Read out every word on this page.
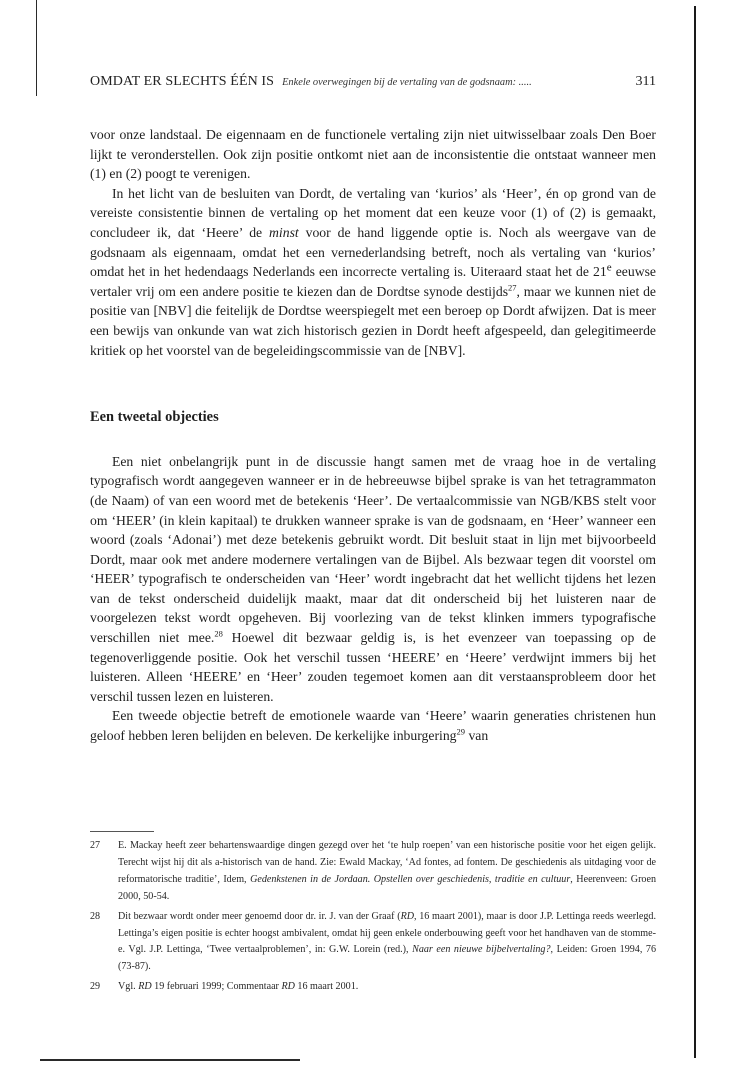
OMDAT ER SLECHTS ÉÉN IS Enkele overwegingen bij de vertaling van de godsnaam: .....	311

voor onze landstaal. De eigennaam en de functionele vertaling zijn niet uitwisselbaar zoals Den Boer lijkt te veronderstellen. Ook zijn positie ontkomt niet aan de inconsistentie die ontstaat wanneer men (1) en (2) poogt te verenigen.

In het licht van de besluiten van Dordt, de vertaling van ‘kurios’ als ‘Heer’, én op grond van de vereiste consistentie binnen de vertaling op het moment dat een keuze voor (1) of (2) is gemaakt, concludeer ik, dat ‘Heere’ de minst voor de hand liggende optie is. Noch als weergave van de godsnaam als eigennaam, omdat het een vernederlandsing betreft, noch als vertaling van ‘kurios’ omdat het in het hedendaags Nederlands een incorrecte vertaling is. Uiteraard staat het de 21e eeuwse vertaler vrij om een andere positie te kiezen dan de Dordtse synode destijds$^{27}$, maar we kunnen niet de positie van [NBV] die feitelijk de Dordtse weerspiegelt met een beroep op Dordt afwijzen. Dat is meer een bewijs van onkunde van wat zich historisch gezien in Dordt heeft afgespeeld, dan gelegitimeerde kritiek op het voorstel van de begeleidingscommissie van de [NBV].

Een tweetal objecties

Een niet onbelangrijk punt in de discussie hangt samen met de vraag hoe in de vertaling typografisch wordt aangegeven wanneer er in de hebreeuwse bijbel sprake is van het tetragrammaton (de Naam) of van een woord met de betekenis ‘Heer’. De vertaalcommissie van NGB/KBS stelt voor om ‘HEER’ (in klein kapitaal) te drukken wanneer sprake is van de godsnaam, en ‘Heer’ wanneer een woord (zoals ‘Adonai’) met deze betekenis gebruikt wordt. Dit besluit staat in lijn met bijvoorbeeld Dordt, maar ook met andere modernere vertalingen van de Bijbel. Als bezwaar tegen dit voorstel om ‘HEER’ typografisch te onderscheiden van ‘Heer’ wordt ingebracht dat het wellicht tijdens het lezen van de tekst onderscheid duidelijk maakt, maar dat dit onderscheid bij het luisteren naar de voorgelezen tekst wordt opgeheven. Bij voorlezing van de tekst klinken immers typografische verschillen niet mee.$^{28}$ Hoewel dit bezwaar geldig is, is het evenzeer van toepassing op de tegenoverliggende positie. Ook het verschil tussen ‘HEERE’ en ‘Heere’ verdwijnt immers bij het luisteren. Alleen ‘HEERE’ en ‘Heer’ zouden tegemoet komen aan dit verstaansprobleem door het verschil tussen lezen en luisteren.

Een tweede objectie betreft de emotionele waarde van ‘Heere’ waarin generaties christenen hun geloof hebben leren belijden en beleven. De kerkelijke inburgering$^{29}$ van

27	E. Mackay heeft zeer behartenswaardige dingen gezegd over het ‘te hulp roepen’ van een historische positie voor het eigen gelijk. Terecht wijst hij dit als a-historisch van de hand. Zie: Ewald Mackay, ‘Ad fontes, ad fontem. De geschiedenis als uitdaging voor de reformatorische traditie’, Idem, Gedenkstenen in de Jordaan. Opstellen over geschiedenis, traditie en cultuur, Heerenveen: Groen 2000, 50-54.
28	Dit bezwaar wordt onder meer genoemd door dr. ir. J. van der Graaf (RD, 16 maart 2001), maar is door J.P. Lettinga reeds weerlegd. Lettinga’s eigen positie is echter hoogst ambivalent, omdat hij geen enkele onderbouwing geeft voor het handhaven van de stomme-e. Vgl. J.P. Lettinga, ‘Twee vertaalproblemen’, in: G.W. Lorein (red.), Naar een nieuwe bijbelvertaling?, Leiden: Groen 1994, 76 (73-87).
29	Vgl. RD 19 februari 1999; Commentaar RD 16 maart 2001.
